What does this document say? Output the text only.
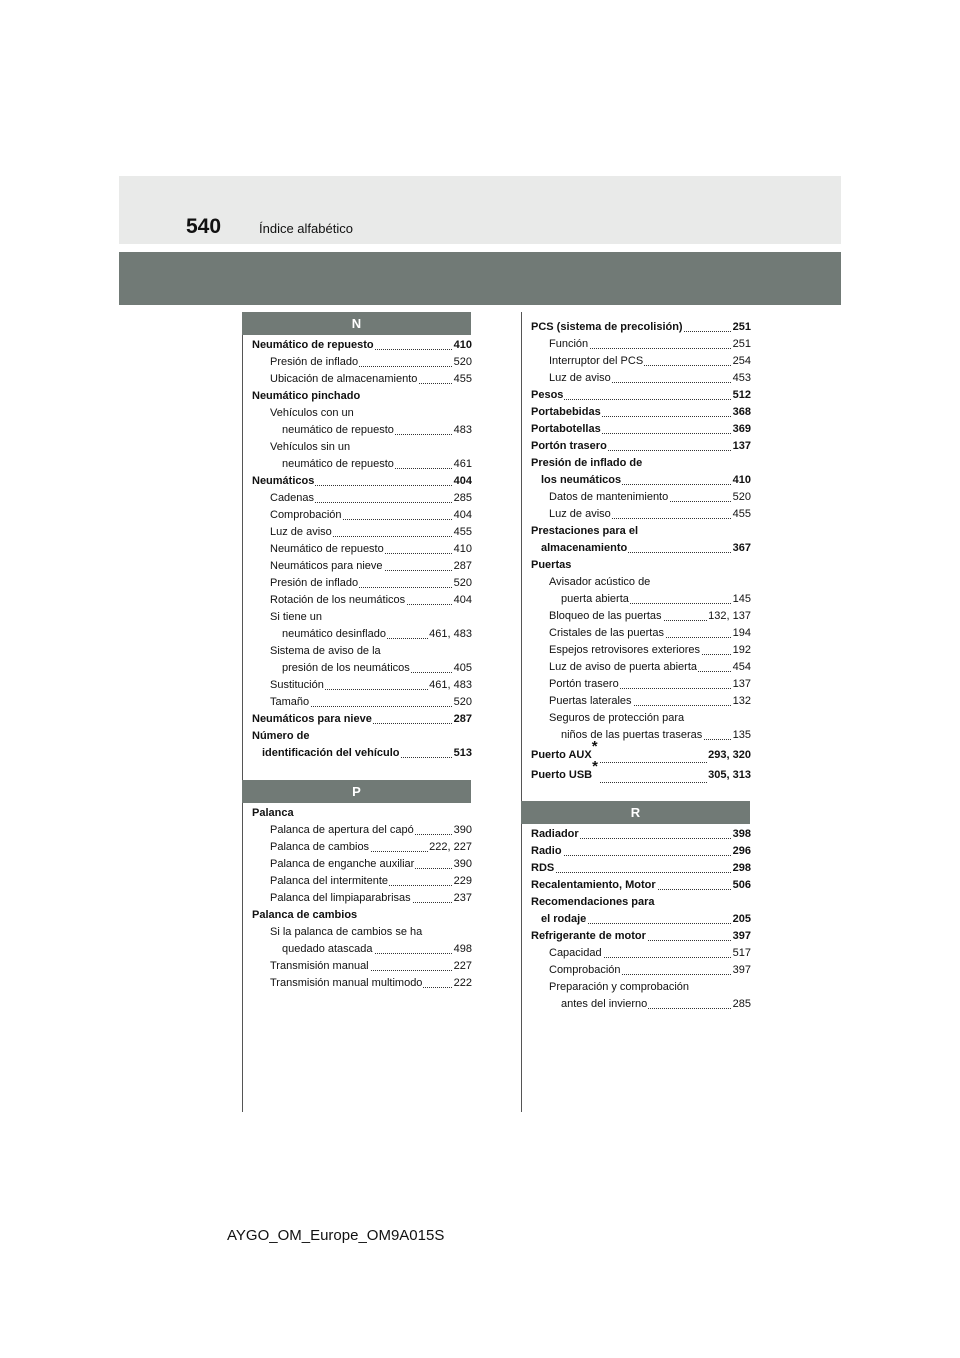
540	Índice alfabético
N
Neumático de repuesto	410
Presión de inflado	520
Ubicación de almacenamiento	455
Neumático pinchado
Vehículos con un
neumático de repuesto	483
Vehículos sin un
neumático de repuesto	461
Neumáticos	404
Cadenas	285
Comprobación	404
Luz de aviso	455
Neumático de repuesto	410
Neumáticos para nieve	287
Presión de inflado	520
Rotación de los neumáticos	404
Si tiene un
neumático desinflado	461, 483
Sistema de aviso de la
presión de los neumáticos	405
Sustitución	461, 483
Tamaño	520
Neumáticos para nieve	287
Número de
identificación del vehículo	513
P
Palanca
Palanca de apertura del capó	390
Palanca de cambios	222, 227
Palanca de enganche auxiliar	390
Palanca del intermitente	229
Palanca del limpiaparabrisas	237
Palanca de cambios
Si la palanca de cambios se ha
quedado atascada	498
Transmisión manual	227
Transmisión manual multimodo	222
PCS (sistema de precolisión)	251
Función	251
Interruptor del PCS	254
Luz de aviso	453
Pesos	512
Portabebidas	368
Portabotellas	369
Portón trasero	137
Presión de inflado de
los neumáticos	410
Datos de mantenimiento	520
Luz de aviso	455
Prestaciones para el
almacenamiento	367
Puertas
Avisador acústico de
puerta abierta	145
Bloqueo de las puertas	132, 137
Cristales de las puertas	194
Espejos retrovisores exteriores	192
Luz de aviso de puerta abierta	454
Portón trasero	137
Puertas laterales	132
Seguros de protección para
niños de las puertas traseras	135
Puerto AUX*	293, 320
Puerto USB*	305, 313
R
Radiador	398
Radio	296
RDS	298
Recalentamiento, Motor	506
Recomendaciones para
el rodaje	205
Refrigerante de motor	397
Capacidad	517
Comprobación	397
Preparación y comprobación
antes del invierno	285
AYGO_OM_Europe_OM9A015S
